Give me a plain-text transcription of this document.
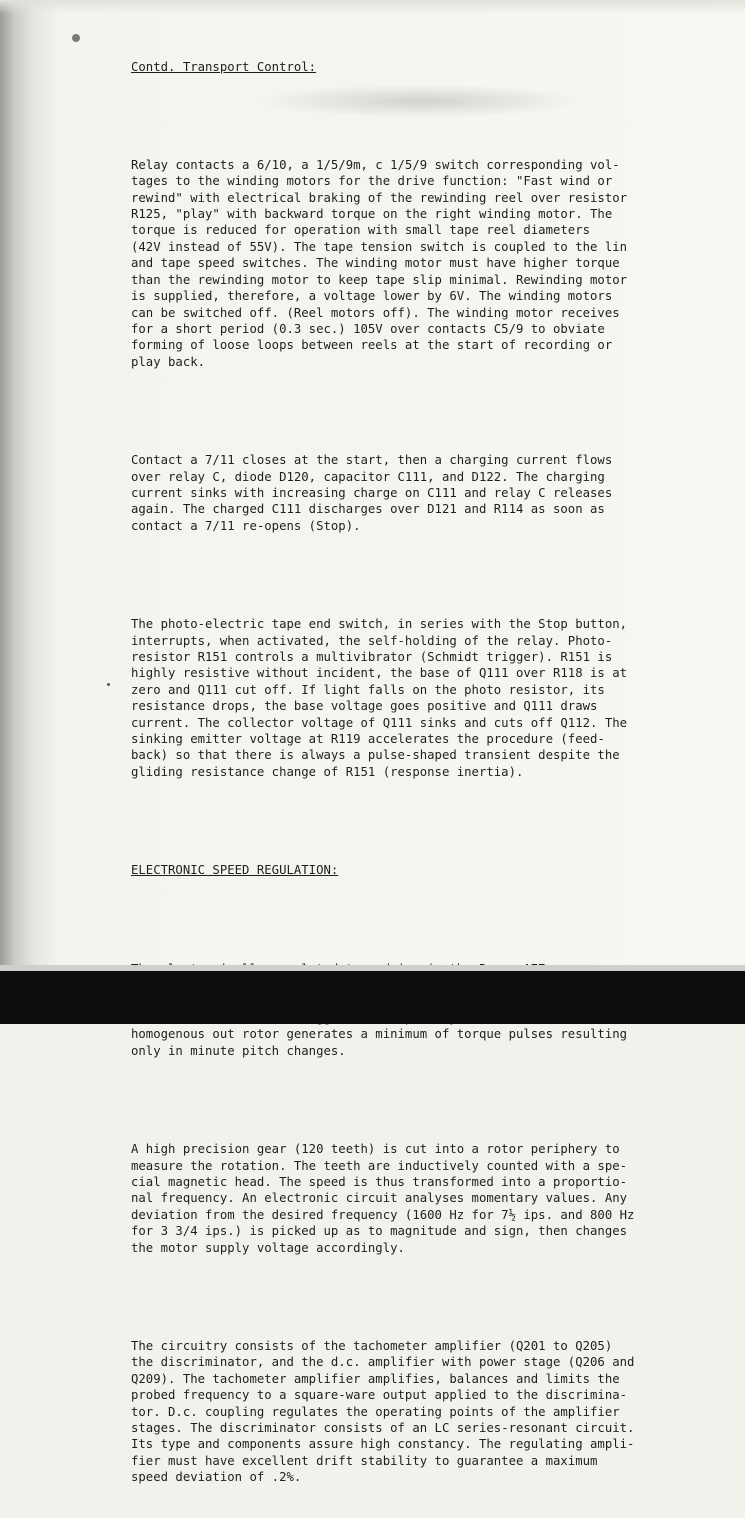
Contd. Transport Control:

Relay contacts a 6/10, a 1/5/9m, c 1/5/9 switch corresponding vol-
tages to the winding motors for the drive function: "Fast wind or
rewind" with electrical braking of the rewinding reel over resistor
R125, "play" with backward torque on the right winding motor. The
torque is reduced for operation with small tape reel diameters
(42V instead of 55V). The tape tension switch is coupled to the lin
and tape speed switches. The winding motor must have higher torque
than the rewinding motor to keep tape slip minimal. Rewinding motor
is supplied, therefore, a voltage lower by 6V. The winding motors
can be switched off. (Reel motors off). The winding motor receives
for a short period (0.3 sec.) 105V over contacts C5/9 to obviate
forming of loose loops between reels at the start of recording or
play back.

Contact a 7/11 closes at the start, then a charging current flows
over relay C, diode D120, capacitor C111, and D122. The charging
current sinks with increasing charge on C111 and relay C releases
again. The charged C111 discharges over D121 and R114 as soon as
contact a 7/11 re-opens (Stop).

The photo-electric tape end switch, in series with the Stop button,
interrupts, when activated, the self-holding of the relay. Photo-
resistor R151 controls a multivibrator (Schmidt trigger). R151 is
highly resistive without incident, the base of Q111 over R118 is at
zero and Q111 cut off. If light falls on the photo resistor, its
resistance drops, the base voltage goes positive and Q111 draws
current. The collector voltage of Q111 sinks and cuts off Q112. The
sinking emitter voltage at R119 accelerates the procedure (feed-
back) so that there is always a pulse-shaped transient despite the
gliding resistance change of R151 (response inertia).

ELECTRONIC SPEED REGULATION:

homogenous out rotor generates a minimum of torque pulses resulting
only in minute pitch changes.

A high precision gear (120 teeth) is cut into a rotor periphery to
measure the rotation. The teeth are inductively counted with a spe-
cial magnetic head. The speed is thus transformed into a proportio-
nal frequency. An electronic circuit analyses momentary values. Any
deviation from the desired frequency (1600 Hz for 7½ ips. and 800 Hz
for 3 3/4 ips.) is picked up as to magnitude and sign, then changes
the motor supply voltage accordingly.

The circuitry consists of the tachometer amplifier (Q201 to Q205)
the discriminator, and the d.c. amplifier with power stage (Q206 and
Q209). The tachometer amplifier amplifies, balances and limits the
probed frequency to a square-ware output applied to the discrimina-
tor. D.c. coupling regulates the operating points of the amplifier
stages. The discriminator consists of an LC series-resonant circuit.
Its type and components assure high constancy. The regulating ampli-
fier must have excellent drift stability to guarantee a maximum
speed deviation of .2%.
